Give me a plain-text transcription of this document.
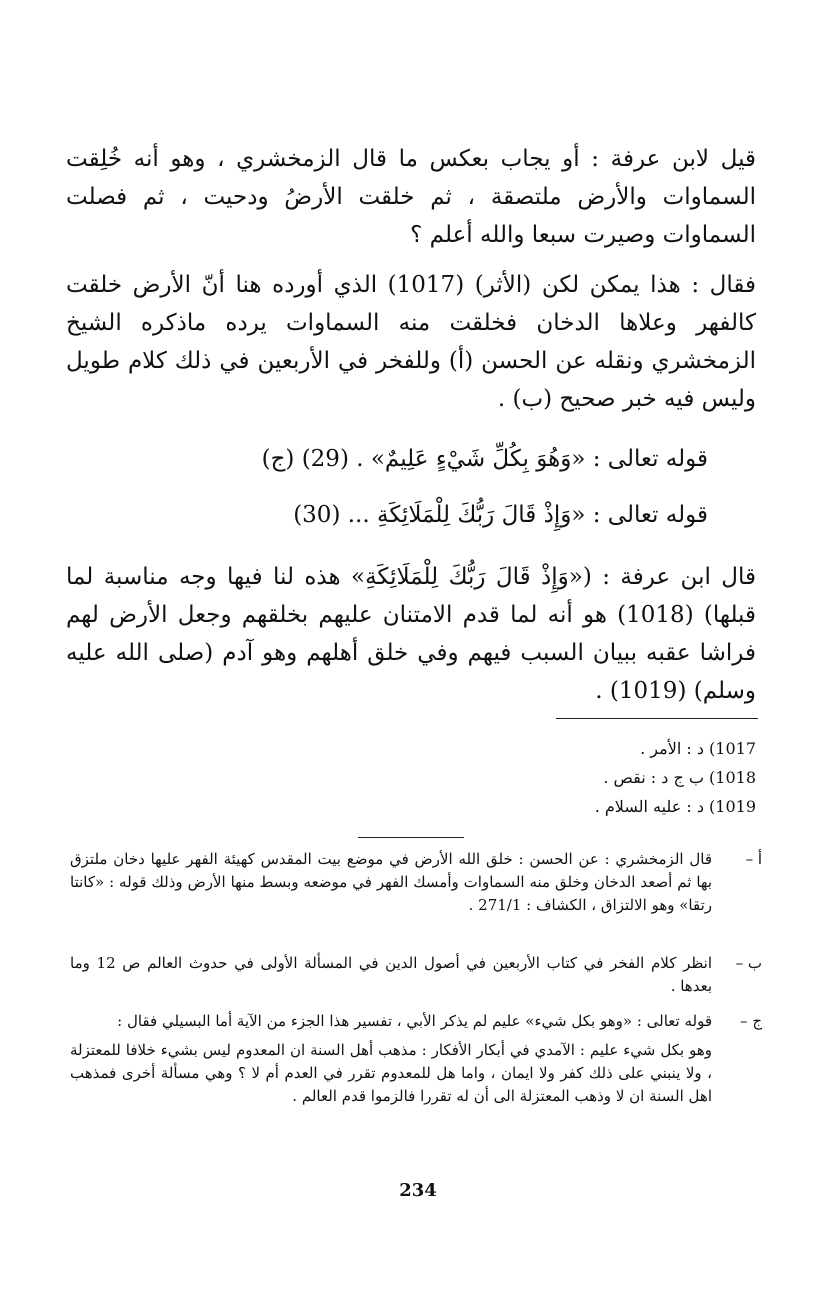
قيل لابن عرفة : أو يجاب بعكس ما قال الزمخشري ، وهو أنه خُلِقت السماوات والأرض ملتصقة ، ثم خلقت الأرضُ ودحيت ، ثم فصلت السماوات وصيرت سبعا والله أعلم ؟

فقال : هذا يمكن لكن (الأثر) (1017) الذي أورده هنا أنّ الأرض خلقت كالفهر وعلاها الدخان فخلقت منه السماوات يرده ماذكره الشيخ الزمخشري ونقله عن الحسن (أ) وللفخر في الأربعين في ذلك كلام طويل وليس فيه خبر صحيح (ب) .

قوله تعالى : «وَهُوَ بِكُلِّ شَيْءٍ عَلِيمٌ» . (29) (ج)

قوله تعالى : «وَإِذْ قَالَ رَبُّكَ لِلْمَلَائِكَةِ ... (30)

قال ابن عرفة : («وَإِذْ قَالَ رَبُّكَ لِلْمَلَائِكَةِ» هذه لنا فيها وجه مناسبة لما قبلها) (1018) هو أنه لما قدم الامتنان عليهم بخلقهم وجعل الأرض لهم فراشا عقبه ببيان السبب فيهم وفي خلق أهلهم وهو آدم (صلى الله عليه وسلم) (1019) .

1017) د : الأمر .

1018) ب ج د : نقص .

1019) د : عليه السلام .

أ –
قال الزمخشري : عن الحسن : خلق الله الأرض في موضع بيت المقدس كهيئة الفهر عليها دخان ملتزق بها ثم أصعد الدخان وخلق منه السماوات وأمسك الفهر في موضعه وبسط منها الأرض وذلك قوله : «كانتا رتقا» وهو الالتزاق ، الكشاف : 271/1 .
ب –
انظر كلام الفخر في كتاب الأربعين في أصول الدين في المسألة الأولى في حدوث العالم ص 12 وما بعدها .
ج –
قوله تعالى : «وهو بكل شيء» عليم لم يذكر الأبي ، تفسير هذا الجزء من الآية أما البسيلي فقال :
وهو بكل شيء عليم : الآمدي في أبكار الأفكار : مذهب أهل السنة ان المعدوم ليس بشيء خلافا للمعتزلة ، ولا ينبني على ذلك كفر ولا ايمان ، واما هل للمعدوم تقرر في العدم أم لا ؟ وهي مسألة أخرى فمذهب اهل السنة ان لا وذهب المعتزلة الى أن له تقررا فالزموا قدم العالم .

234
